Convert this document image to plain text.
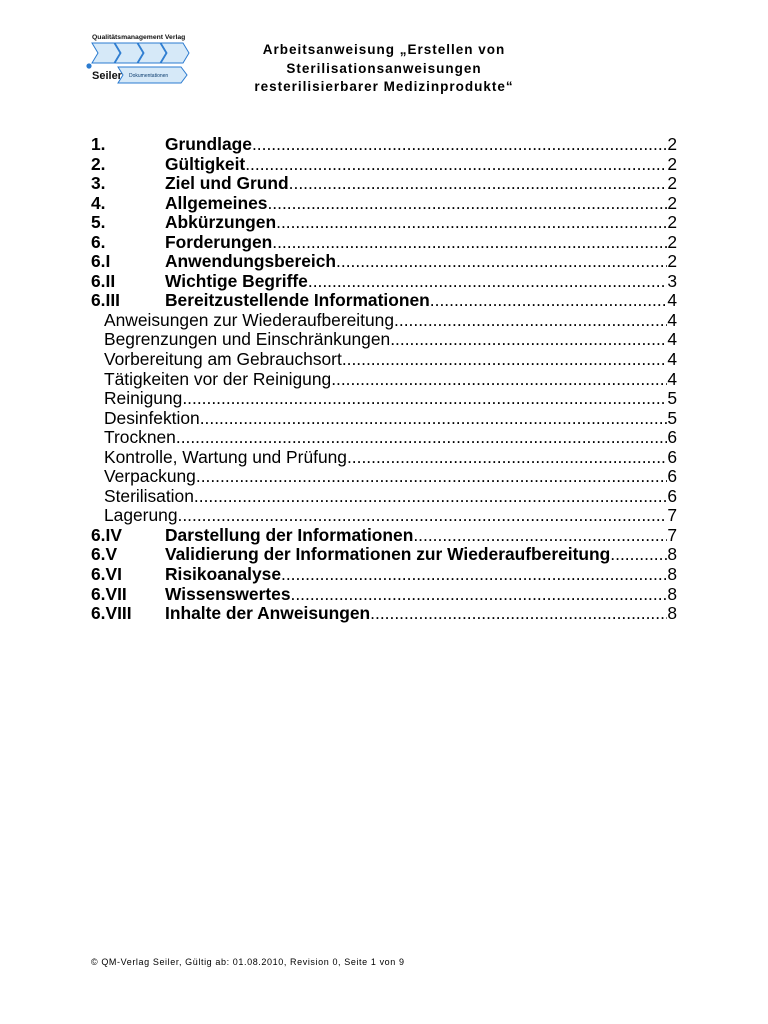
Qualitätsmanagement Verlag
Seiler Dokumentationen
Arbeitsanweisung „Erstellen von
Sterilisationsanweisungen
resterilisierbarer Medizinprodukte“
1.	Grundlage .....	2
2.	Gültigkeit .....	2
3.	Ziel und Grund .....	2
4.	Allgemeines .....	2
5.	Abkürzungen .....	2
6.	Forderungen .....	2
6.I	Anwendungsbereich .....	2
6.II	Wichtige Begriffe .....	3
6.III	Bereitzustellende Informationen .....	4
Anweisungen zur Wiederaufbereitung .....	4
Begrenzungen und Einschränkungen .....	4
Vorbereitung am Gebrauchsort .....	4
Tätigkeiten vor der Reinigung .....	4
Reinigung .....	5
Desinfektion .....	5
Trocknen .....	6
Kontrolle, Wartung und Prüfung .....	6
Verpackung .....	6
Sterilisation .....	6
Lagerung .....	7
6.IV	Darstellung der Informationen .....	7
6.V	Validierung der Informationen zur Wiederaufbereitung .....	8
6.VI	Risikoanalyse .....	8
6.VII	Wissenswertes .....	8
6.VIII	Inhalte der Anweisungen .....	8
© QM-Verlag Seiler, Gültig ab: 01.08.2010, Revision 0, Seite 1 von 9
